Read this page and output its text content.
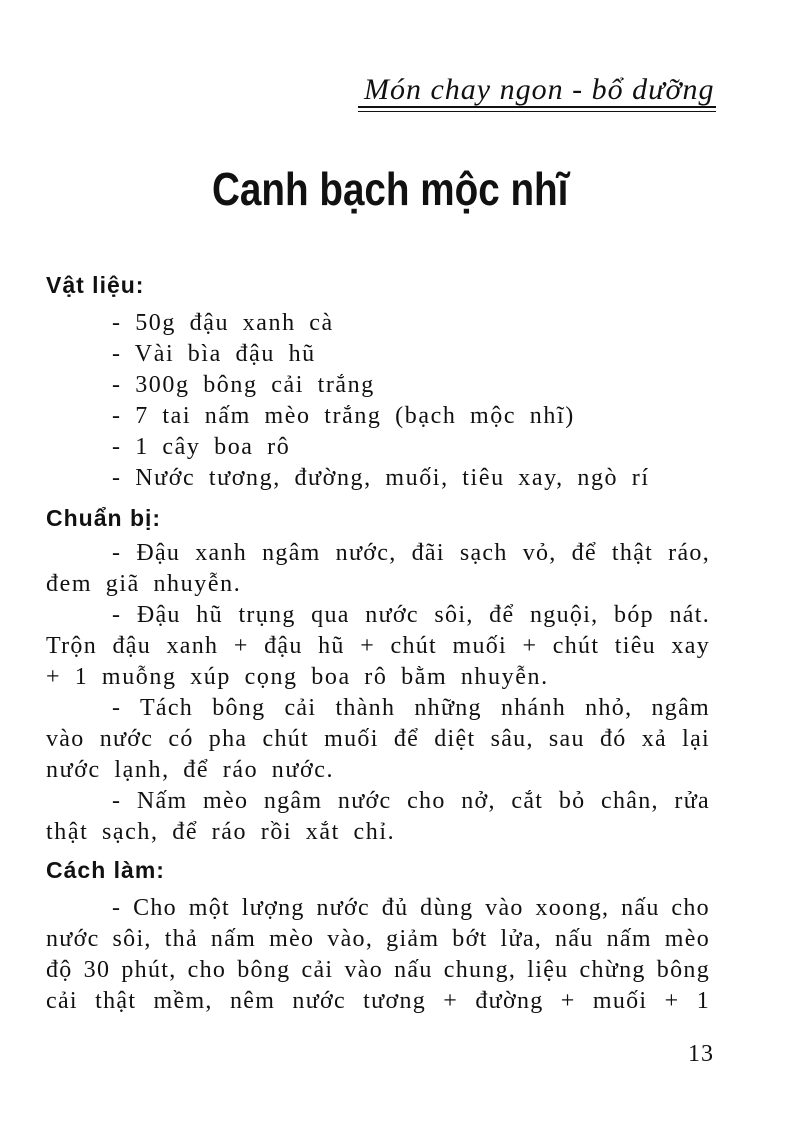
Món chay ngon - bổ dưỡng
Canh bạch mộc nhĩ
Vật liệu:
- 50g đậu xanh cà
- Vài bìa đậu hũ
- 300g bông cải trắng
- 7 tai nấm mèo trắng (bạch mộc nhĩ)
- 1 cây boa rô
- Nước tương, đường, muối, tiêu xay, ngò rí
Chuẩn bị:
- Đậu xanh ngâm nước, đãi sạch vỏ, để thật ráo,
đem giã nhuyễn.
- Đậu hũ trụng qua nước sôi, để nguội, bóp nát.
Trộn đậu xanh + đậu hũ + chút muối + chút tiêu xay
+ 1 muỗng xúp cọng boa rô bằm nhuyễn.
- Tách bông cải thành những nhánh nhỏ, ngâm
vào nước có pha chút muối để diệt sâu, sau đó xả lại
nước lạnh, để ráo nước.
- Nấm mèo ngâm nước cho nở, cắt bỏ chân, rửa
thật sạch, để ráo rồi xắt chỉ.
Cách làm:
- Cho một lượng nước đủ dùng vào xoong, nấu cho
nước sôi, thả nấm mèo vào, giảm bớt lửa, nấu nấm mèo
độ 30 phút, cho bông cải vào nấu chung, liệu chừng bông
cải thật mềm, nêm nước tương + đường + muối + 1
13
